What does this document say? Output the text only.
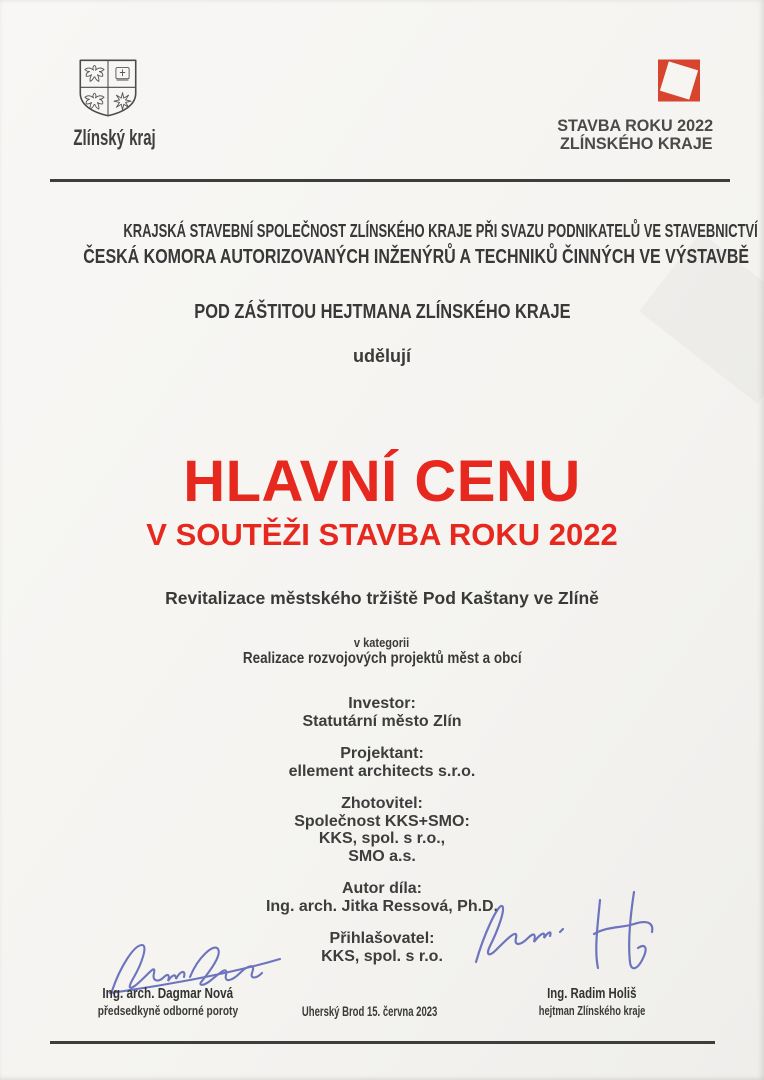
Zlínský kraj	STAVBA ROKU 2022
ZLÍNSKÉHO KRAJE
KRAJSKÁ STAVEBNÍ SPOLEČNOST ZLÍNSKÉHO KRAJE PŘI SVAZU PODNIKATELŮ VE STAVEBNICTVÍ
ČESKÁ KOMORA AUTORIZOVANÝCH INŽENÝRŮ A TECHNIKŮ ČINNÝCH VE VÝSTAVBĚ
POD ZÁŠTITOU HEJTMANA ZLÍNSKÉHO KRAJE
udělují
HLAVNÍ CENU
V SOUTĚŽI STAVBA ROKU 2022
Revitalizace městského tržiště Pod Kaštany ve Zlíně
v kategorii
Realizace rozvojových projektů měst a obcí
Investor:
Statutární město Zlín
Projektant:
ellement architects s.r.o.
Zhotovitel:
Společnost KKS+SMO:
KKS, spol. s r.o.,
SMO a.s.
Autor díla:
Ing. arch. Jitka Ressová, Ph.D.
Přihlašovatel:
KKS, spol. s r.o.
Ing. arch. Dagmar Nová
předsedkyně odborné poroty	Uherský Brod 15. června 2023
Ing. Radim Holiš
hejtman Zlínského kraje
